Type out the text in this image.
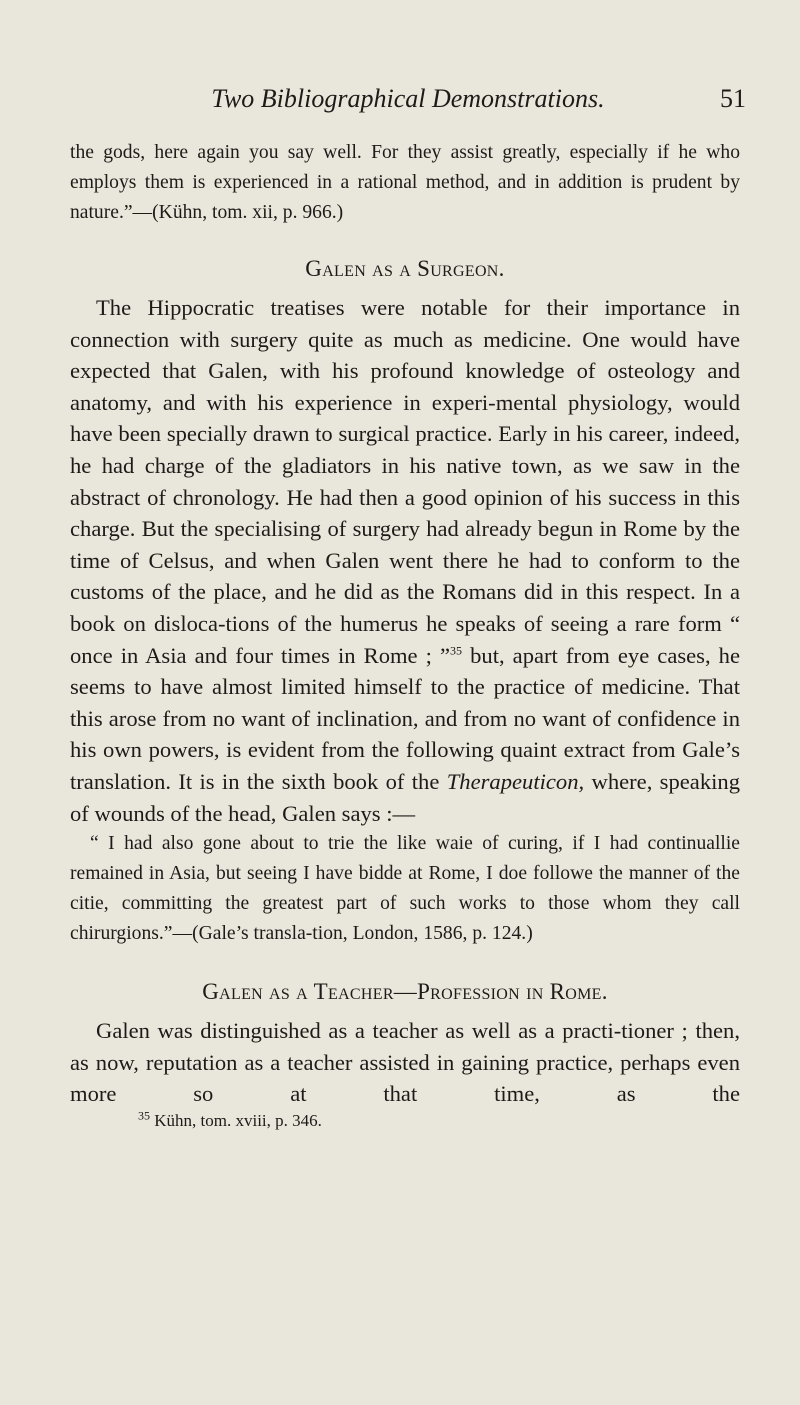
Two Bibliographical Demonstrations.	51

the gods, here again you say well. For they assist greatly, especially if he who employs them is experienced in a rational method, and in addition is prudent by nature.”—(Kühn, tom. xii, p. 966.)

Galen as a Surgeon.

The Hippocratic treatises were notable for their importance in connection with surgery quite as much as medicine. One would have expected that Galen, with his profound knowledge of osteology and anatomy, and with his experience in experi-mental physiology, would have been specially drawn to surgical practice. Early in his career, indeed, he had charge of the gladiators in his native town, as we saw in the abstract of chronology. He had then a good opinion of his success in this charge. But the specialising of surgery had already begun in Rome by the time of Celsus, and when Galen went there he had to conform to the customs of the place, and he did as the Romans did in this respect. In a book on disloca-tions of the humerus he speaks of seeing a rare form “ once in Asia and four times in Rome ; ”$^{35}$ but, apart from eye cases, he seems to have almost limited himself to the practice of medicine. That this arose from no want of inclination, and from no want of confidence in his own powers, is evident from the following quaint extract from Gale’s translation. It is in the sixth book of the Therapeuticon, where, speaking of wounds of the head, Galen says :—

“ I had also gone about to trie the like waie of curing, if I had continuallie remained in Asia, but seeing I have bidde at Rome, I doe followe the manner of the citie, committing the greatest part of such works to those whom they call chirurgions.”—(Gale’s transla-tion, London, 1586, p. 124.)

Galen as a Teacher—Profession in Rome.

Galen was distinguished as a teacher as well as a practi-tioner ; then, as now, reputation as a teacher assisted in gaining practice, perhaps even more so at that time, as the

$^{35}$ Kühn, tom. xviii, p. 346.
